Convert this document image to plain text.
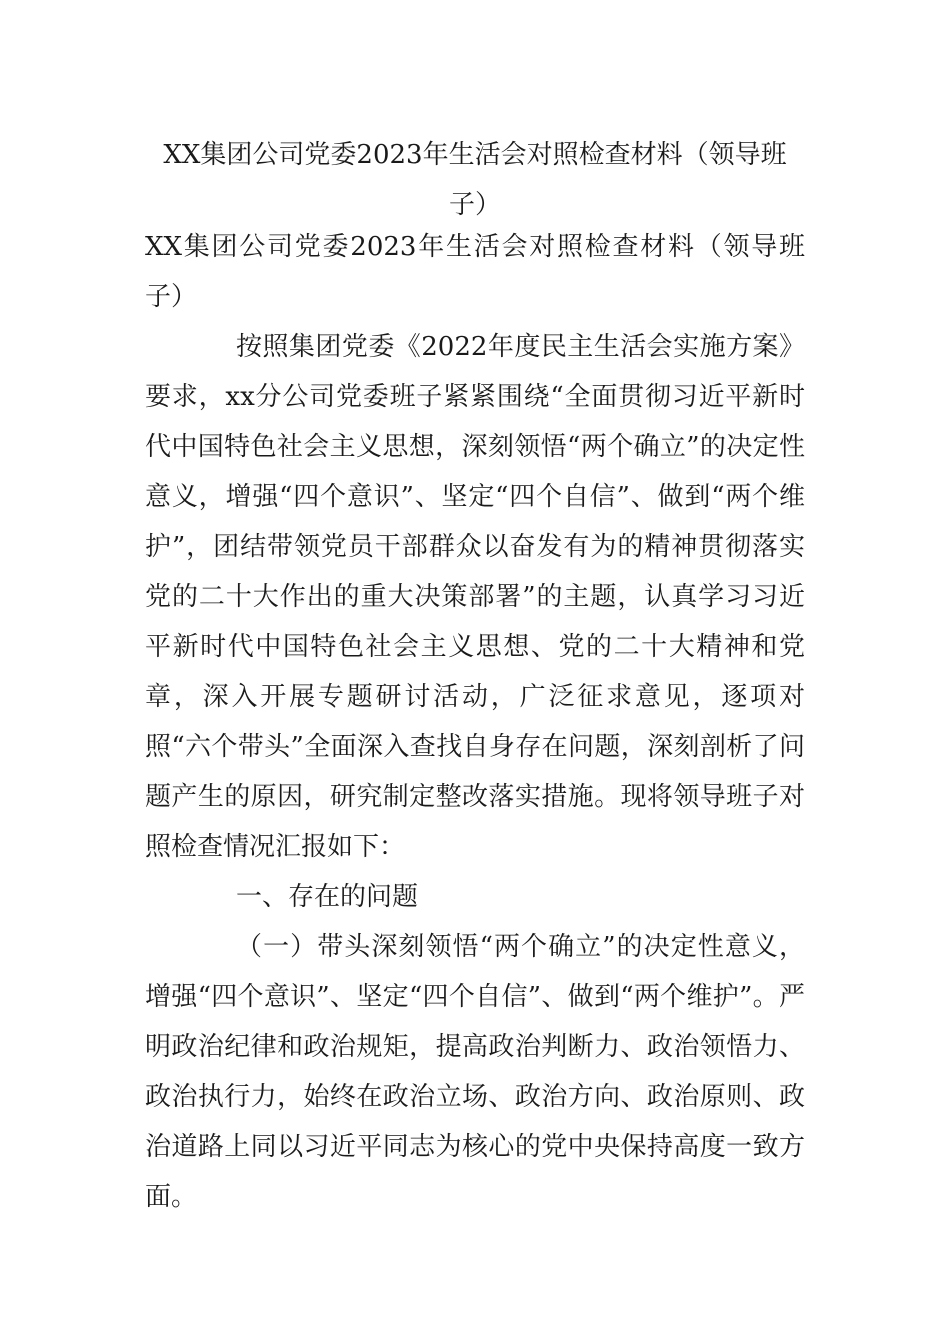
XX集团公司党委2023年生活会对照检查材料（领导班子）

XX集团公司党委2023年生活会对照检查材料（领导班子）

按照集团党委《2022年度民主生活会实施方案》要求，xx分公司党委班子紧紧围绕“全面贯彻习近平新时代中国特色社会主义思想，深刻领悟“两个确立”的决定性意义，增强“四个意识”、坚定“四个自信”、做到“两个维护”，团结带领党员干部群众以奋发有为的精神贯彻落实党的二十大作出的重大决策部署”的主题，认真学习习近平新时代中国特色社会主义思想、党的二十大精神和党章，深入开展专题研讨活动，广泛征求意见，逐项对照“六个带头”全面深入查找自身存在问题，深刻剖析了问题产生的原因，研究制定整改落实措施。现将领导班子对照检查情况汇报如下：

一、存在的问题

（一）带头深刻领悟“两个确立”的决定性意义，增强“四个意识”、坚定“四个自信”、做到“两个维护”。严明政治纪律和政治规矩，提高政治判断力、政治领悟力、政治执行力，始终在政治立场、政治方向、政治原则、政治道路上同以习近平同志为核心的党中央保持高度一致方面。
